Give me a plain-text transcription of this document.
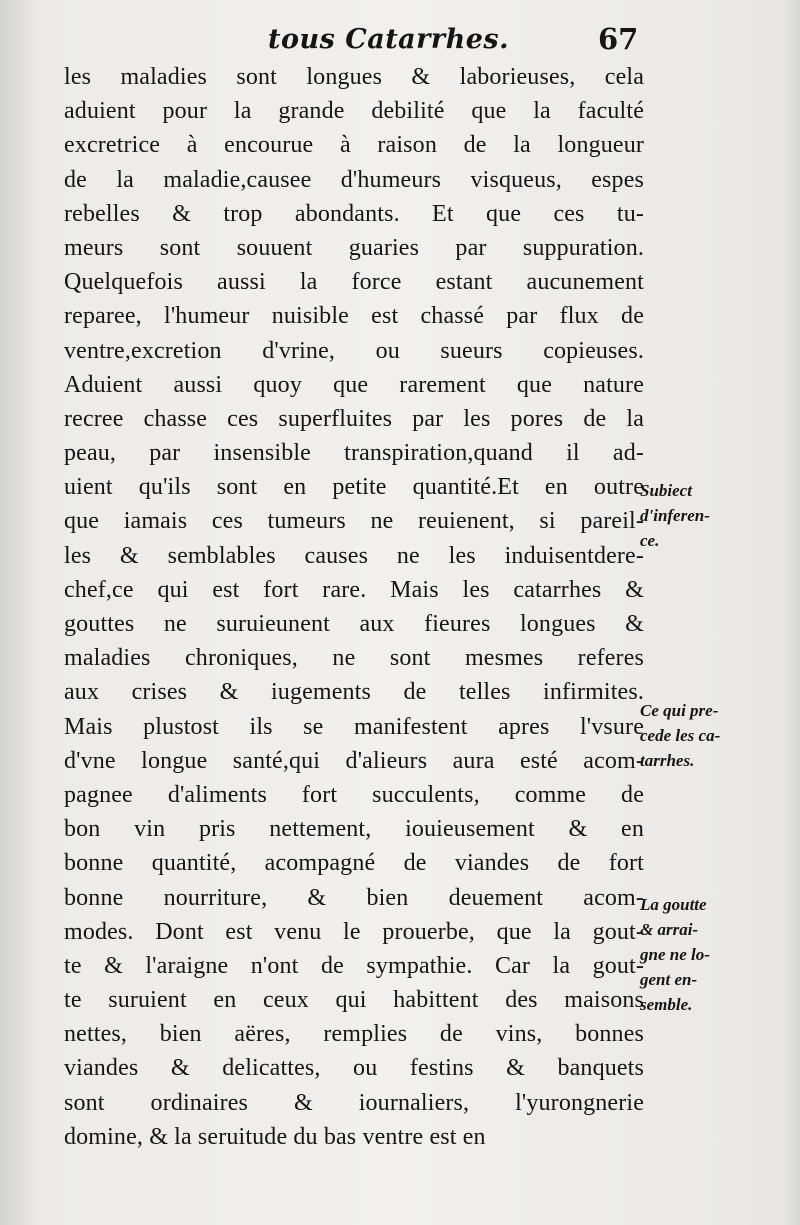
tous Catarrhes.	67
les maladies sont longues & laborieuses, cela
aduient pour la grande debilité que la faculté
excretrice à encourue à raison de la longueur
de la maladie,causee d'humeurs visqueus, espes
rebelles & trop abondants. Et que ces tu-
meurs sont souuent guaries par suppuration.
Quelquefois aussi la force estant aucunement
reparee, l'humeur nuisible est chassé par flux de
ventre,excretion d'vrine, ou sueurs copieuses.
Aduient aussi quoy que rarement que nature
recree chasse ces superfluites par les pores de la
peau, par insensible transpiration,quand il ad-
uient qu'ils sont en petite quantité.Et en outre
que iamais ces tumeurs ne reuienent, si pareil-
les & semblables causes ne les induisentdere-
chef,ce qui est fort rare. Mais les catarrhes &
gouttes ne suruieunent aux fieures longues &
maladies chroniques, ne sont mesmes referes
aux crises & iugements de telles infirmites.
Mais plustost ils se manifestent apres l'vsure
d'vne longue santé,qui d'alieurs aura esté acom-
pagnee d'aliments fort succulents, comme de
bon vin pris nettement, iouieusement & en
bonne quantité, acompagné de viandes de fort
bonne nourriture, & bien deuement acom-
modes. Dont est venu le prouerbe, que la gout-
te & l'araigne n'ont de sympathie. Car la gout-
te suruient en ceux qui habittent des maisons
nettes, bien aëres, remplies de vins, bonnes
viandes & delicattes, ou festins & banquets
sont ordinaires & iournaliers, l'yurongnerie
domine, & la seruitude du bas ventre est en
Subiect
d'inferen-
ce.
Ce qui pre-
cede les ca-
tarrhes.
La goutte
& arrai-
gne ne lo-
gent en-
semble.
